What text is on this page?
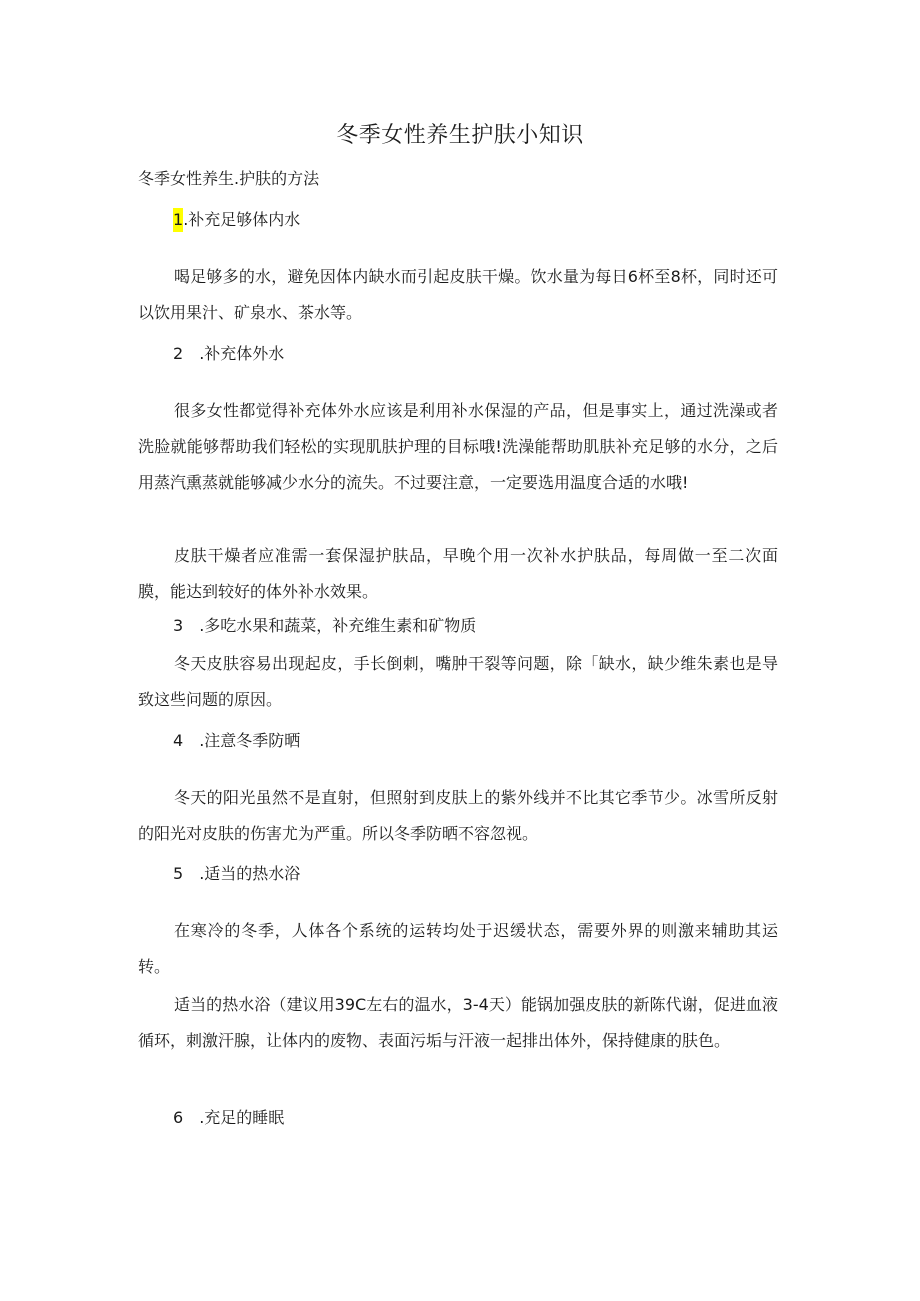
冬季女性养生护肤小知识

冬季女性养生.护肤的方法

1.补充足够体内水

喝足够多的水，避免因体内缺水而引起皮肤干燥。饮水量为每日6杯至8杯，同时还可以饮用果汁、矿泉水、茶水等。

2 .补充体外水

很多女性都觉得补充体外水应该是利用补水保湿的产品，但是事实上，通过洗澡或者洗脸就能够帮助我们轻松的实现肌肤护理的目标哦!洗澡能帮助肌肤补充足够的水分，之后用蒸汽熏蒸就能够减少水分的流失。不过要注意，一定要选用温度合适的水哦!

皮肤干燥者应准需一套保湿护肤品，早晚个用一次补水护肤品，每周做一至二次面膜，能达到较好的体外补水效果。

3 .多吃水果和蔬菜，补充维生素和矿物质

冬天皮肤容易出现起皮，手长倒刺，嘴肿干裂等问题，除「缺水，缺少维朱素也是导致这些问题的原因。

4 .注意冬季防晒

冬天的阳光虽然不是直射，但照射到皮肤上的紫外线并不比其它季节少。冰雪所反射的阳光对皮肤的伤害尤为严重。所以冬季防晒不容忽视。

5 .适当的热水浴

在寒冷的冬季，人体各个系统的运转均处于迟缓状态，需要外界的则激来辅助其运转。

适当的热水浴（建议用39C左右的温水，3-4天）能锅加强皮肤的新陈代谢，促进血液循环，刺激汗腺，让体内的废物、表面污垢与汗液一起排出体外，保持健康的肤色。

6 .充足的睡眠
